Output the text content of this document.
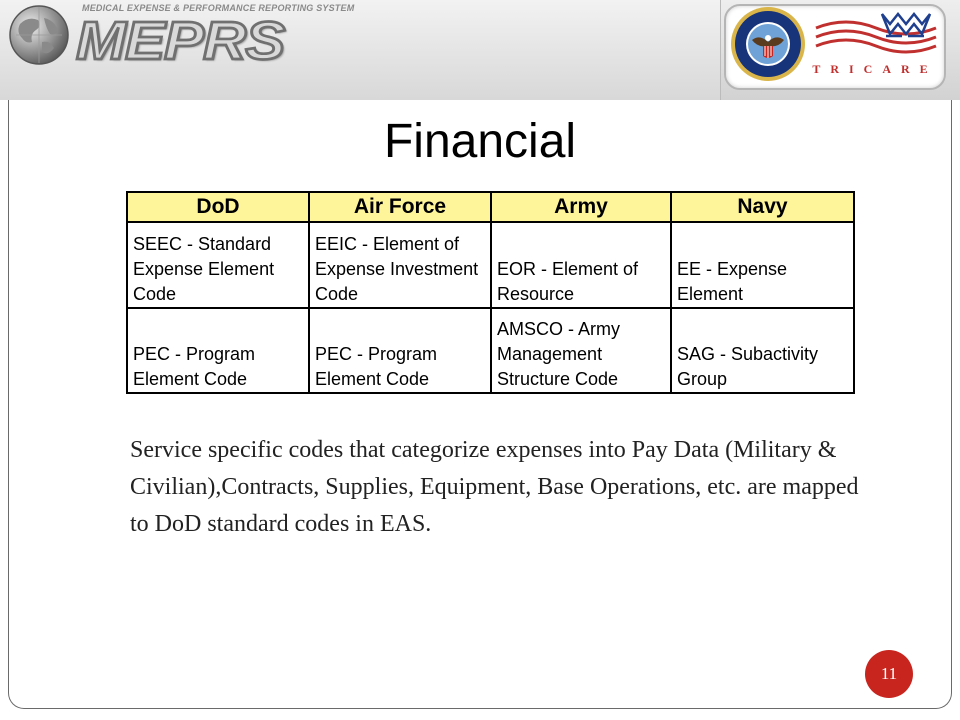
MEDICAL EXPENSE & PERFORMANCE REPORTING SYSTEM
MEPRS	TRICARE
Financial
DoD	Air Force	Army	Navy
SEEC - Standard Expense Element Code	EEIC - Element of Expense Investment Code	EOR - Element of Resource	EE - Expense Element
PEC - Program Element Code	PEC - Program Element Code	AMSCO - Army Management Structure Code	SAG - Subactivity Group
Service specific codes that categorize expenses into Pay Data (Military & Civilian),Contracts, Supplies, Equipment, Base Operations, etc. are mapped to DoD standard codes in EAS.
11
